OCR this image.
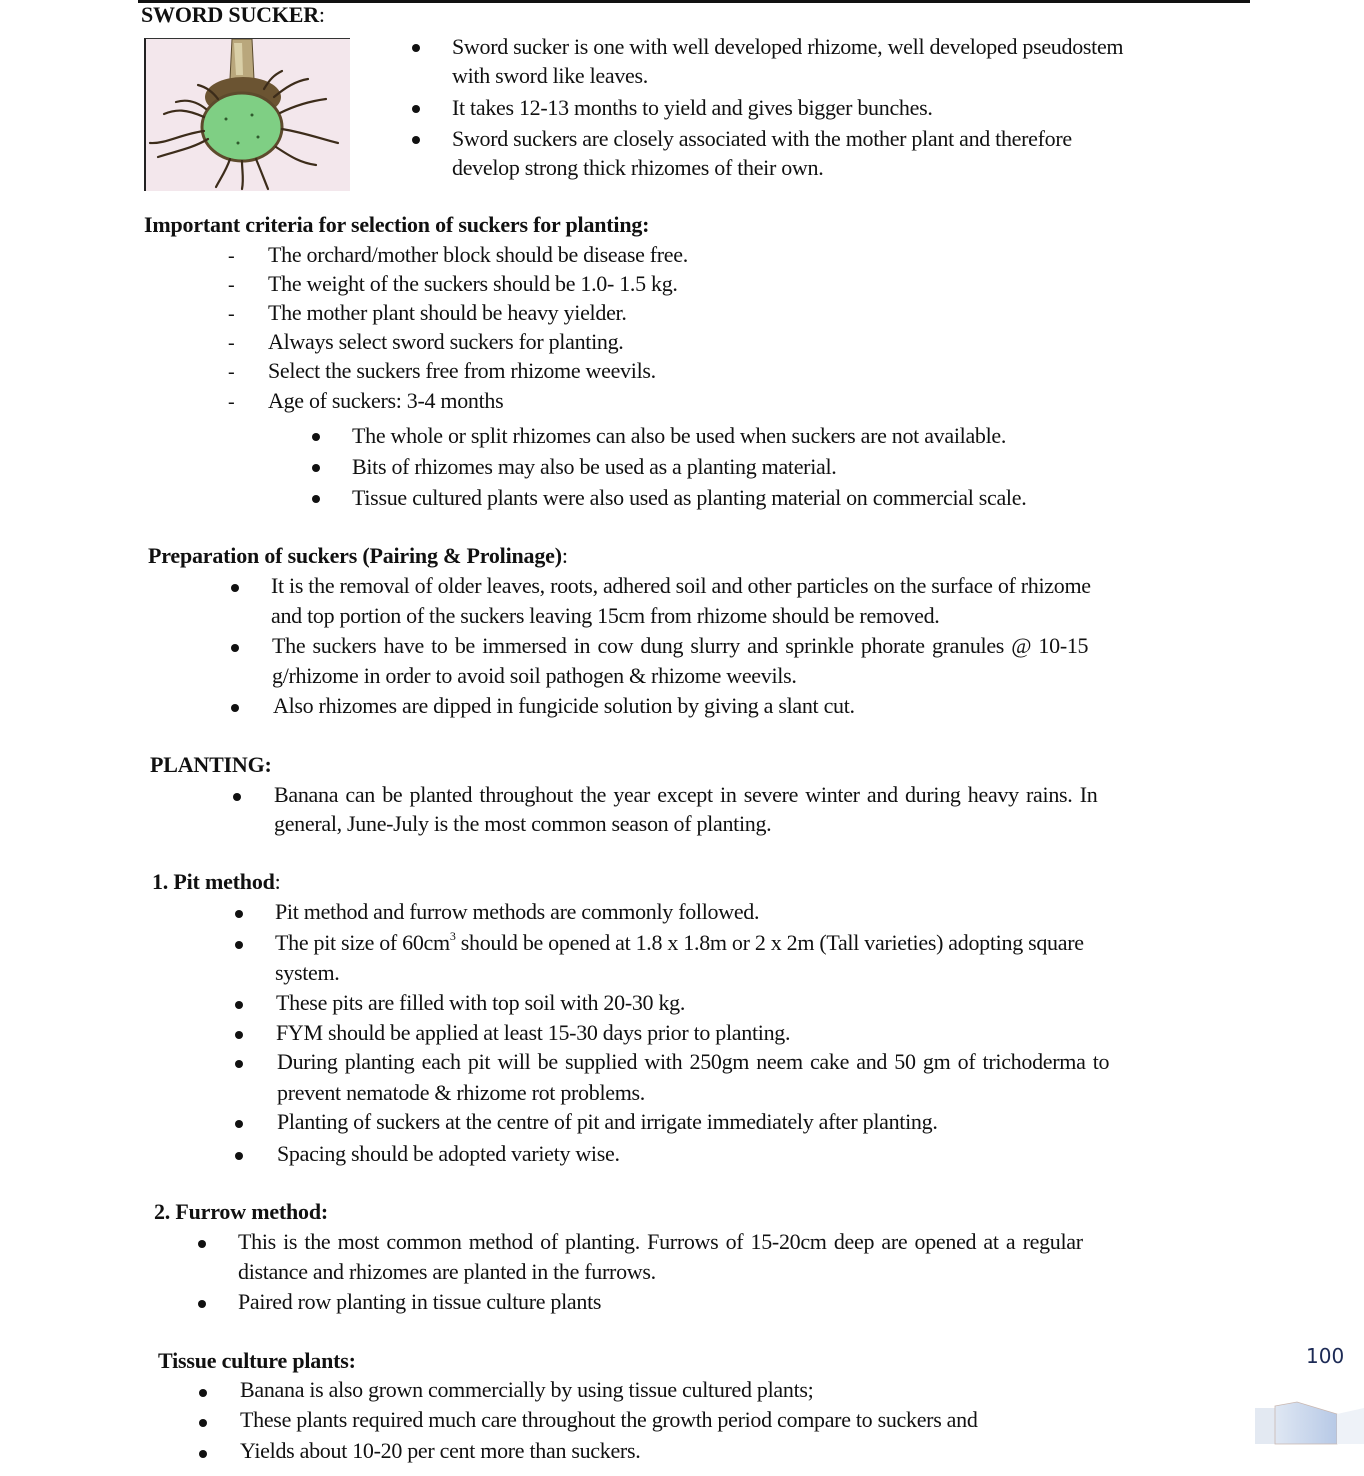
SWORD SUCKER:
Sword sucker is one with well developed rhizome, well developed pseudostem
with sword like leaves.
It takes 12-13 months to yield and gives bigger bunches.
Sword suckers are closely associated with the mother plant and therefore
develop strong thick rhizomes of their own.
Important criteria for selection of suckers for planting:
- The orchard/mother block should be disease free.
- The weight of the suckers should be 1.0- 1.5 kg.
- The mother plant should be heavy yielder.
- Always select sword suckers for planting.
- Select the suckers free from rhizome weevils.
- Age of suckers: 3-4 months
The whole or split rhizomes can also be used when suckers are not available.
Bits of rhizomes may also be used as a planting material.
Tissue cultured plants were also used as planting material on commercial scale.
Preparation of suckers (Pairing & Prolinage):
It is the removal of older leaves, roots, adhered soil and other particles on the surface of rhizome
and top portion of the suckers leaving 15cm from rhizome should be removed.
The suckers have to be immersed in cow dung slurry and sprinkle phorate granules @ 10-15
g/rhizome in order to avoid soil pathogen & rhizome weevils.
Also rhizomes are dipped in fungicide solution by giving a slant cut.
PLANTING:
Banana can be planted throughout the year except in severe winter and during heavy rains. In
general, June-July is the most common season of planting.
1. Pit method:
Pit method and furrow methods are commonly followed.
The pit size of $60cm^3$ should be opened at 1.8 x 1.8m or 2 x 2m (Tall varieties) adopting square
system.
These pits are filled with top soil with 20-30 kg.
FYM should be applied at least 15-30 days prior to planting.
During planting each pit will be supplied with 250gm neem cake and 50 gm of trichoderma to
prevent nematode & rhizome rot problems.
Planting of suckers at the centre of pit and irrigate immediately after planting.
Spacing should be adopted variety wise.
2. Furrow method:
This is the most common method of planting. Furrows of 15-20cm deep are opened at a regular
distance and rhizomes are planted in the furrows.
Paired row planting in tissue culture plants
Tissue culture plants:
Banana is also grown commercially by using tissue cultured plants;
These plants required much care throughout the growth period compare to suckers and
Yields about 10-20 per cent more than suckers.
100
